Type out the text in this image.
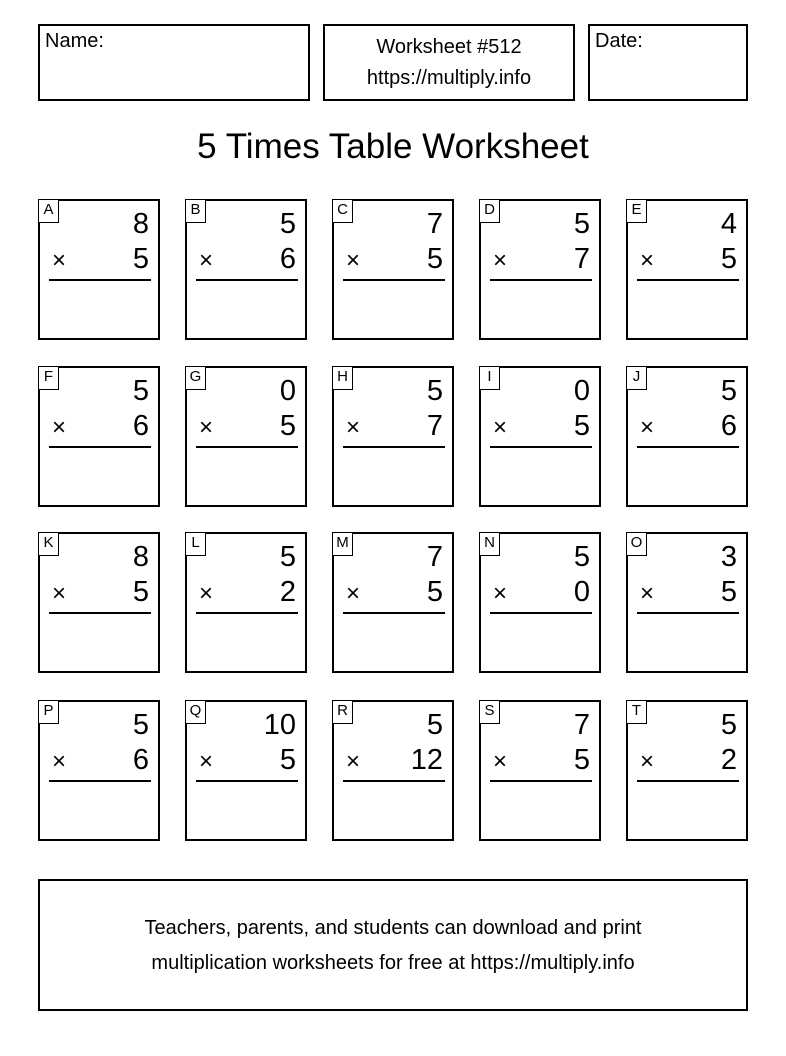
Name:	Worksheet #512
https://multiply.info
Date:
5 Times Table Worksheet
A	8
× 5
B	5
× 6
C	7
× 5
D	5
× 7
E	4
× 5
F	5
× 6
G	0
× 5
H	5
× 7
I	0
× 5
J	5
× 6
K	8
× 5
L	5
× 2
M	7
× 5
N	5
× 0
O	3
× 5
P	5
× 6
Q 10
× 5
R	5
× 12
S	7
× 5
T	5
× 2
Teachers, parents, and students can download and print
multiplication worksheets for free at https://multiply.info
